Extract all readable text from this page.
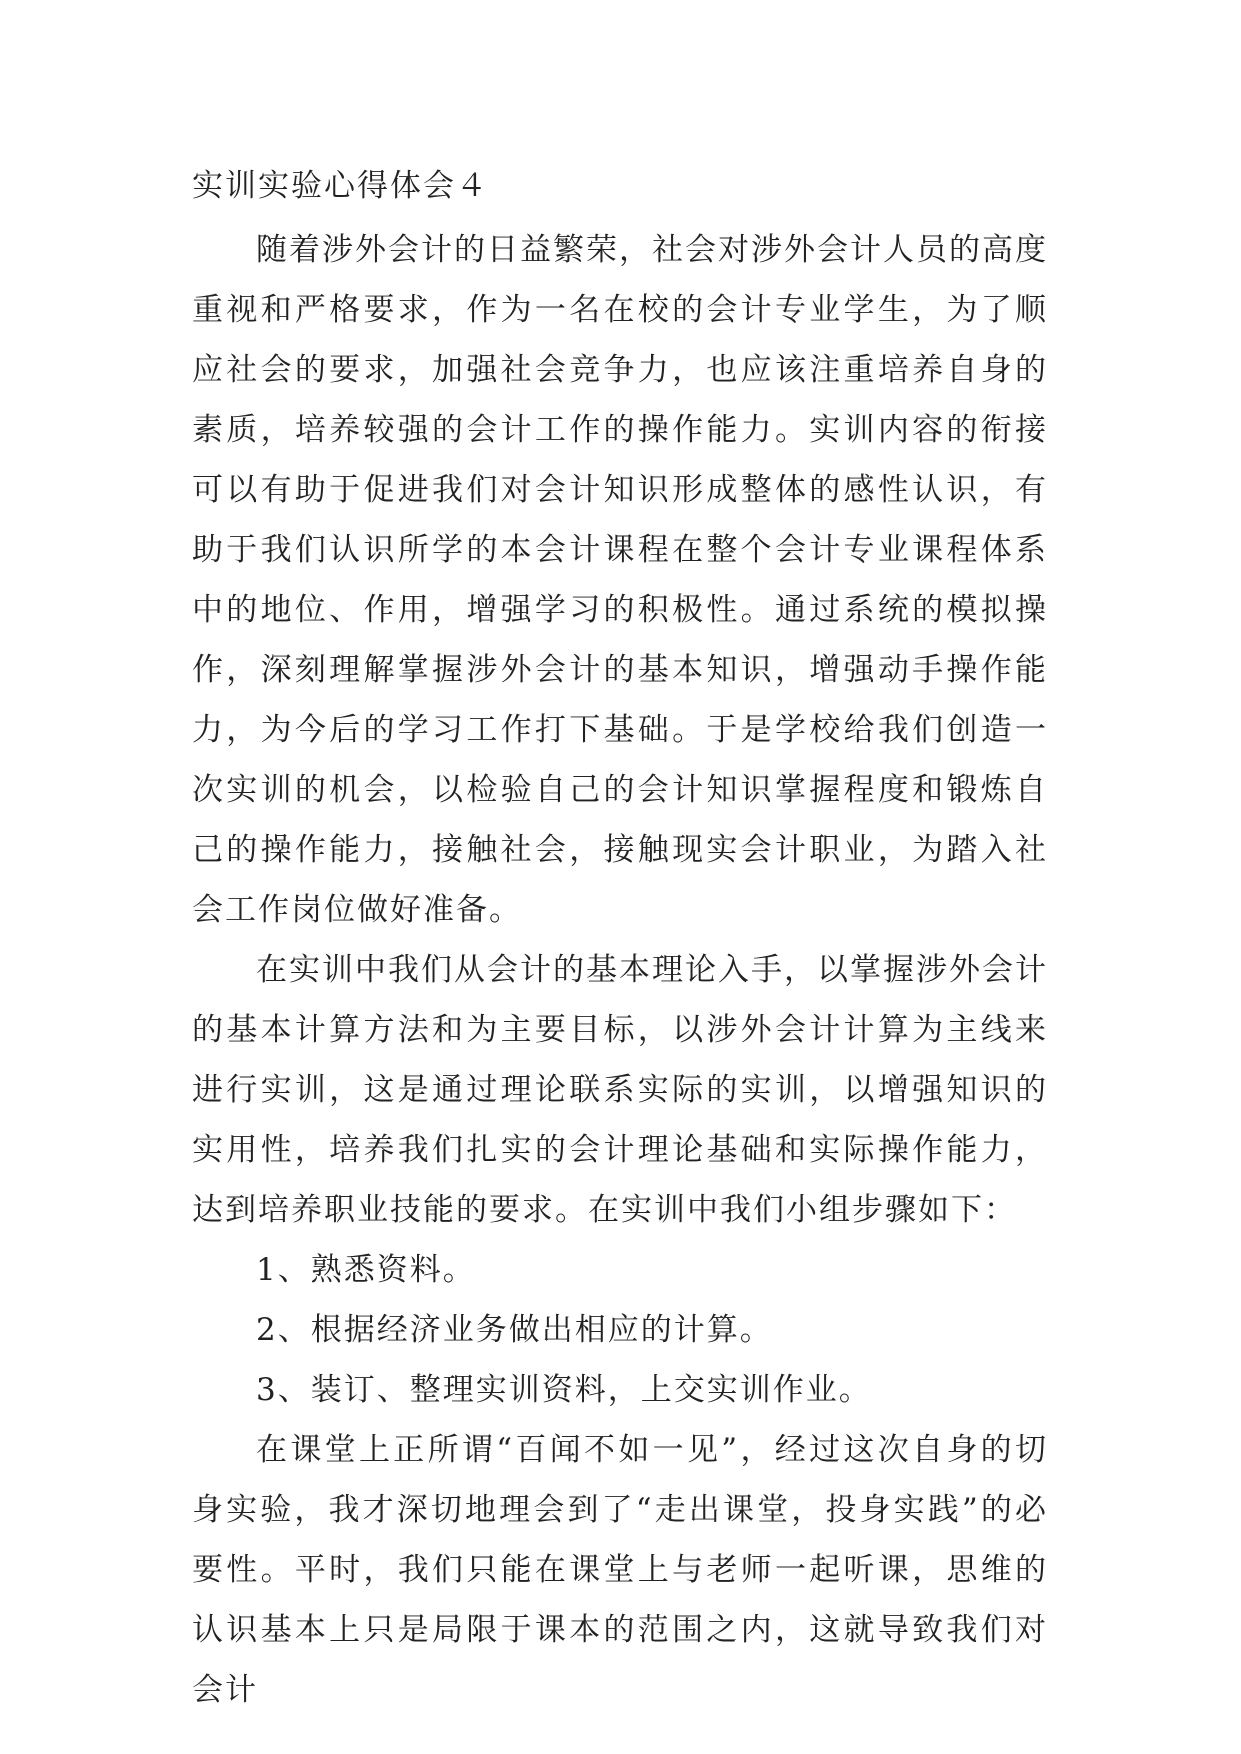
实训实验心得体会４

随着涉外会计的日益繁荣，社会对涉外会计人员的高度重视和严格要求，作为一名在校的会计专业学生，为了顺应社会的要求，加强社会竞争力，也应该注重培养自身的素质，培养较强的会计工作的操作能力。实训内容的衔接可以有助于促进我们对会计知识形成整体的感性认识，有助于我们认识所学的本会计课程在整个会计专业课程体系中的地位、作用，增强学习的积极性。通过系统的模拟操作，深刻理解掌握涉外会计的基本知识，增强动手操作能力，为今后的学习工作打下基础。于是学校给我们创造一次实训的机会，以检验自己的会计知识掌握程度和锻炼自己的操作能力，接触社会，接触现实会计职业，为踏入社会工作岗位做好准备。

在实训中我们从会计的基本理论入手，以掌握涉外会计的基本计算方法和为主要目标，以涉外会计计算为主线来进行实训，这是通过理论联系实际的实训，以增强知识的实用性，培养我们扎实的会计理论基础和实际操作能力，达到培养职业技能的要求。在实训中我们小组步骤如下：

1、熟悉资料。

2、根据经济业务做出相应的计算。

3、装订、整理实训资料，上交实训作业。

在课堂上正所谓“百闻不如一见”，经过这次自身的切身实验，我才深切地理会到了“走出课堂，投身实践”的必要性。平时，我们只能在课堂上与老师一起听课，思维的认识基本上只是局限于课本的范围之内，这就导致我们对会计
